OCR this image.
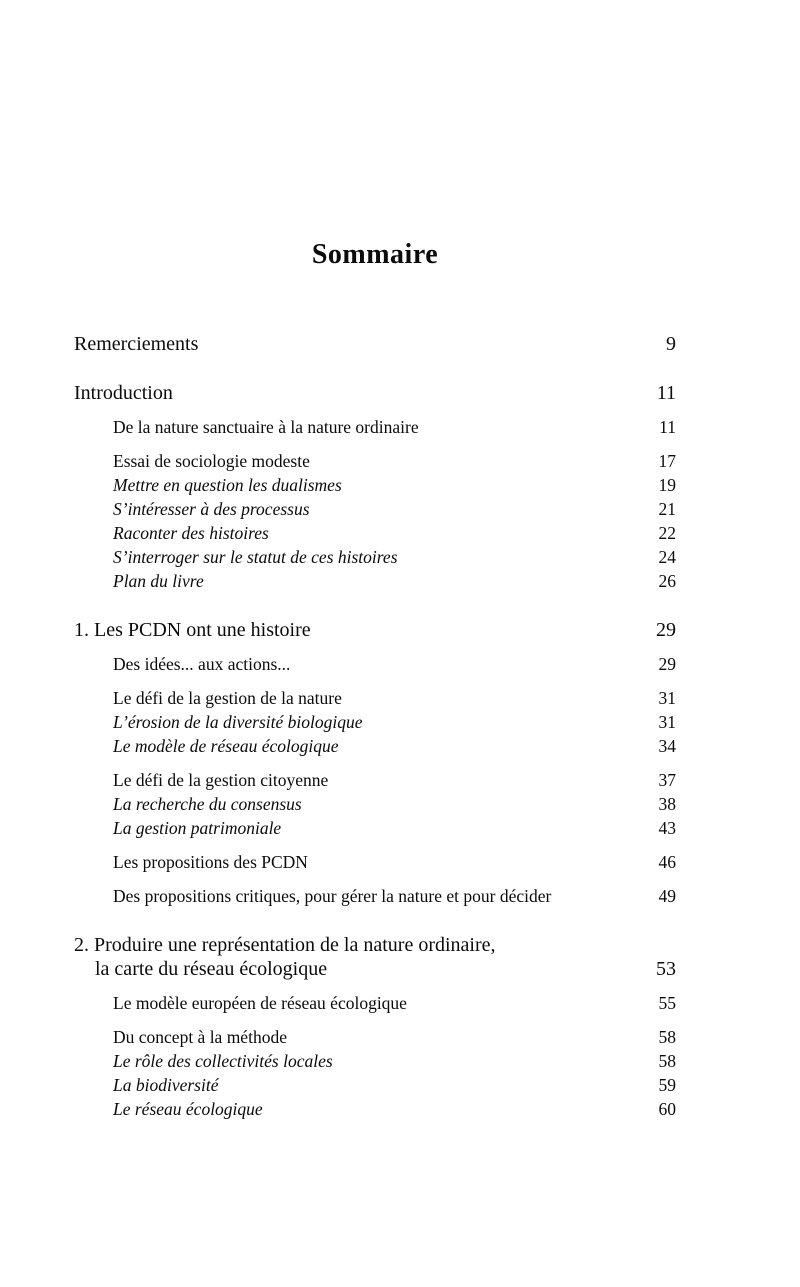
Sommaire
Remerciements	9
Introduction	11
De la nature sanctuaire à la nature ordinaire	11
Essai de sociologie modeste	17
Mettre en question les dualismes	19
S’intéresser à des processus	21
Raconter des histoires	22
S’interroger sur le statut de ces histoires	24
Plan du livre	26
1. Les PCDN ont une histoire	29
Des idées... aux actions...	29
Le défi de la gestion de la nature	31
L’érosion de la diversité biologique	31
Le modèle de réseau écologique	34
Le défi de la gestion citoyenne	37
La recherche du consensus	38
La gestion patrimoniale	43
Les propositions des PCDN	46
Des propositions critiques, pour gérer la nature et pour décider	49
2. Produire une représentation de la nature ordinaire,
la carte du réseau écologique	53
Le modèle européen de réseau écologique	55
Du concept à la méthode	58
Le rôle des collectivités locales	58
La biodiversité	59
Le réseau écologique	60
